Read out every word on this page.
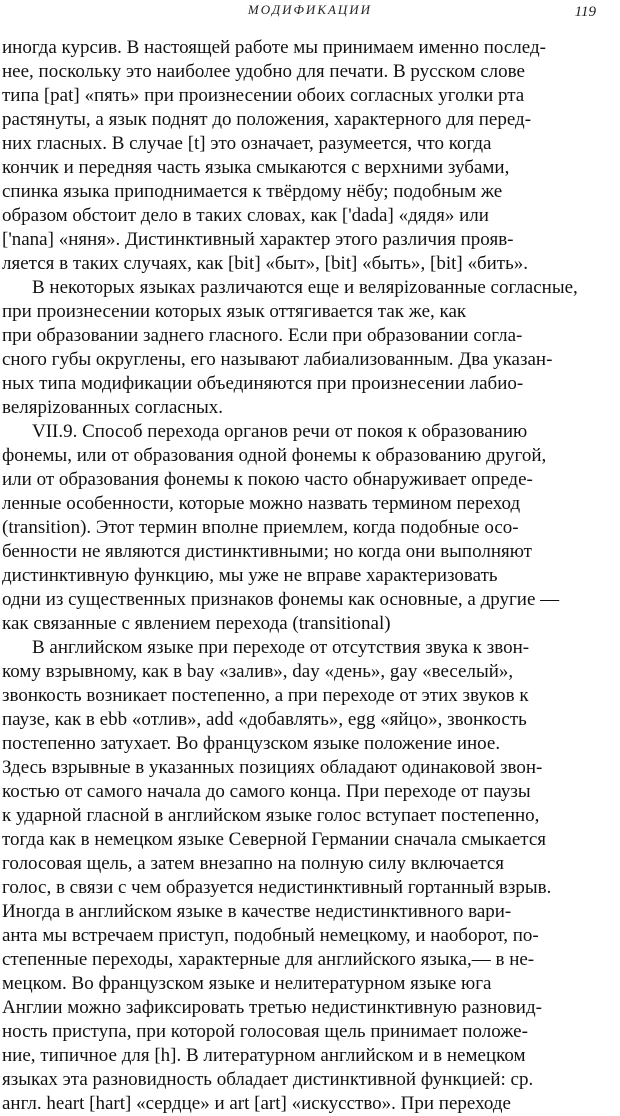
МОДИФИКАЦИИ	119
иногда курсив. В настоящей работе мы принимаем именно послед-
нее, поскольку это наиболее удобно для печати. В русском слове
типа [pat] «пять» при произнесении обоих согласных уголки рта
растянуты, а язык поднят до положения, характерного для перед-
них гласных. В случае [t] это означает, разумеется, что когда
кончик и передняя часть языка смыкаются с верхними зубами,
спинка языка приподнимается к твёрдому нёбу; подобным же
образом обстоит дело в таких словах, как ['dada] «дядя» или
['nana] «няня». Дистинктивный характер этого различия прояв-
ляется в таких случаях, как [bit] «быт», [bit] «быть», [bit] «бить».
В некоторых языках различаются еще и велярizованные согласные,
при произнесении которых язык оттягивается так же, как
при образовании заднего гласного. Если при образовании согла-
сного губы округлены, его называют лабиализованным. Два указан-
ных типа модификации объединяются при произнесении лабио-
велярizованных согласных.
VII.9. Способ перехода органов речи от покоя к образованию
фонемы, или от образования одной фонемы к образованию другой,
или от образования фонемы к покою часто обнаруживает опреде-
ленные особенности, которые можно назвать термином переход
(transition). Этот термин вполне приемлем, когда подобные осо-
бенности не являются дистинктивными; но когда они выполняют
дистинктивную функцию, мы уже не вправе характеризовать
одни из существенных признаков фонемы как основные, а другие —
как связанные с явлением перехода (transitional)
В английском языке при переходе от отсутствия звука к звон-
кому взрывному, как в bay «залив», day «день», gay «веселый»,
звонкость возникает постепенно, а при переходе от этих звуков к
паузе, как в ebb «отлив», add «добавлять», egg «яйцо», звонкость
постепенно затухает. Во французском языке положение иное.
Здесь взрывные в указанных позициях обладают одинаковой звон-
костью от самого начала до самого конца. При переходе от паузы
к ударной гласной в английском языке голос вступает постепенно,
тогда как в немецком языке Северной Германии сначала смыкается
голосовая щель, а затем внезапно на полную силу включается
голос, в связи с чем образуется недистинктивный гортанный взрыв.
Иногда в английском языке в качестве недистинктивного вари-
анта мы встречаем приступ, подобный немецкому, и наоборот, по-
степенные переходы, характерные для английского языка,— в не-
мецком. Во французском языке и нелитературном языке юга
Англии можно зафиксировать третью недистинктивную разновид-
ность приступа, при которой голосовая щель принимает положе-
ние, типичное для [h]. В литературном английском и в немецком
языках эта разновидность обладает дистинктивной функцией: ср.
англ. heart [hart] «сердце» и art [art] «искусство». При переходе
